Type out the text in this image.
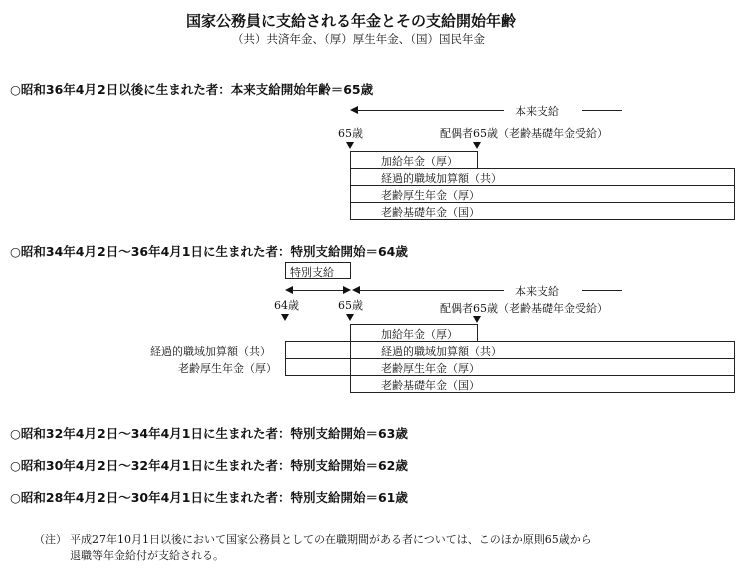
国家公務員に支給される年金とその支給開始年齢
（共）共済年金、（厚）厚生年金、（国）国民年金
○昭和36年4月2日以後に生まれた者：本来支給開始年齢＝65歳
本来支給
65歳	配偶者65歳（老齢基礎年金受給）
加給年金（厚）
経過的職域加算額（共）
老齢厚生年金（厚）
老齢基礎年金（国）
○昭和34年4月2日～36年4月1日に生まれた者：特別支給開始＝64歳
特別支給
本来支給
64歳	65歳	配偶者65歳（老齢基礎年金受給）
経過的職域加算額（共）
老齢厚生年金（厚）
加給年金（厚）
経過的職域加算額（共）
老齢厚生年金（厚）
老齢基礎年金（国）
○昭和32年4月2日～34年4月1日に生まれた者：特別支給開始＝63歳
○昭和30年4月2日～32年4月1日に生まれた者：特別支給開始＝62歳
○昭和28年4月2日～30年4月1日に生まれた者：特別支給開始＝61歳
（注） 平成27年10月1日以後において国家公務員としての在職期間がある者については、このほか原則65歳から
退職等年金給付が支給される。
